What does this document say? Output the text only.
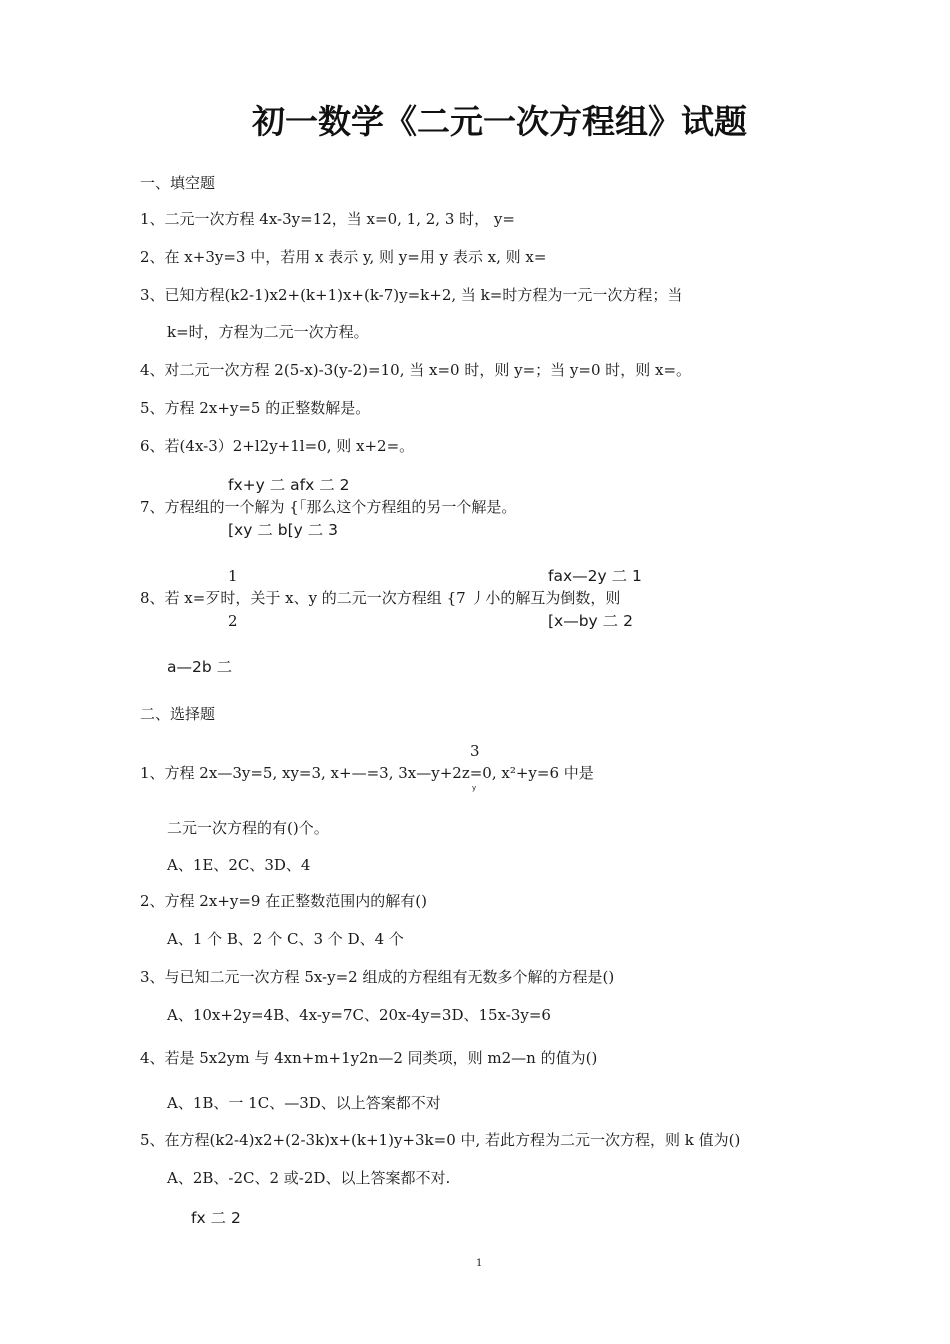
初一数学《二元一次方程组》试题
一、填空题
1、二元一次方程 4x-3y=12，当 x=0, 1, 2, 3 时， y=
2、在 x+3y=3 中，若用 x 表示 y, 则 y=用 y 表示 x, 则 x=
3、已知方程(k2-1)x2+(k+1)x+(k-7)y=k+2, 当 k=时方程为一元一次方程；当
k=时，方程为二元一次方程。
4、对二元一次方程 2(5-x)-3(y-2)=10, 当 x=0 时，则 y=；当 y=0 时，则 x=。
5、方程 2x+y=5 的正整数解是。
6、若(4x-3）2+l2y+1l=0, 则 x+2=。
fx+y 二 afx 二 2
7、方程组的一个解为 {「那么这个方程组的另一个解是。
[xy 二 b[y 二 3
1	fax—2y 二 1
8、若 x=歹时，关于 x、y 的二元一次方程组 {7 丿小的解互为倒数，则
2	[x—by 二 2
a—2b 二
二、选择题
3
1、方程 2x—3y=5, xy=3, x+—=3, 3x—y+2z=0, x²+y=6 中是
y
二元一次方程的有()个。
A、1E、2C、3D、4
2、方程 2x+y=9 在正整数范围内的解有()
A、1 个 B、2 个 C、3 个 D、4 个
3、与已知二元一次方程 5x-y=2 组成的方程组有无数多个解的方程是()
A、10x+2y=4B、4x-y=7C、20x-4y=3D、15x-3y=6
4、若是 5x2ym 与 4xn+m+1y2n—2 同类项，则 m2—n 的值为()
A、1B、一 1C、—3D、以上答案都不对
5、在方程(k2-4)x2+(2-3k)x+(k+1)y+3k=0 中, 若此方程为二元一次方程，则 k 值为()
A、2B、-2C、2 或-2D、以上答案都不对.
fx 二 2
1
